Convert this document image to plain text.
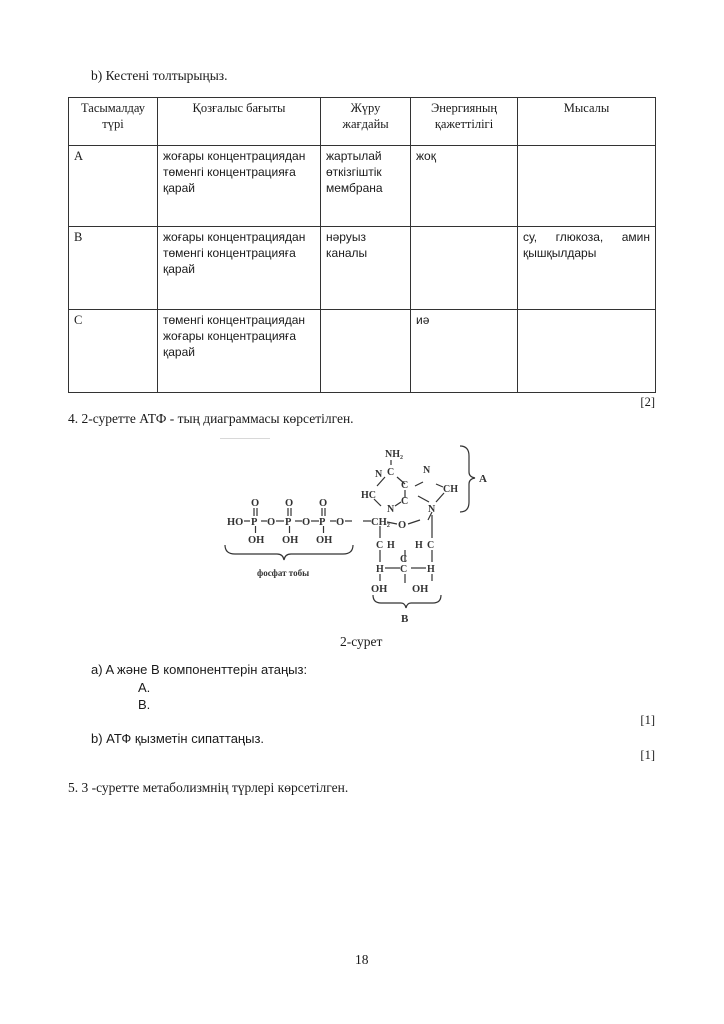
b) Кестені толтырыңыз.
Тасымалдау түрі	Қозғалыс бағыты	Жүру жағдайы	Энергияның қажеттілігі	Мысалы
A	жоғары концентрациядан төменгі концентрацияға қарай	жартылай өткізгіштік мембрана	жоқ	
B	жоғары концентрациядан төменгі концентрацияға қарай	нәруыз каналы		су, глюкоза, амин қышқылдары
C	төменгі концентрациядан жоғары концентрацияға қарай		иә	
[2]
4. 2-суретте АТФ - тың диаграммасы көрсетілген.
HO P O P O P O	CH₂
O O O
OH OH OH
O
C H H C
H
C
C H
OH OH
NH₂
N C	N
C	CH
HC
C
N	N
A
фосфат тобы
B
2-сурет
a) A және B компоненттерін атаңыз:
A.
B.
[1]
b) АТФ қызметін сипаттаңыз.
[1]
5. 3 -суретте метаболизмнің түрлері көрсетілген.
18
